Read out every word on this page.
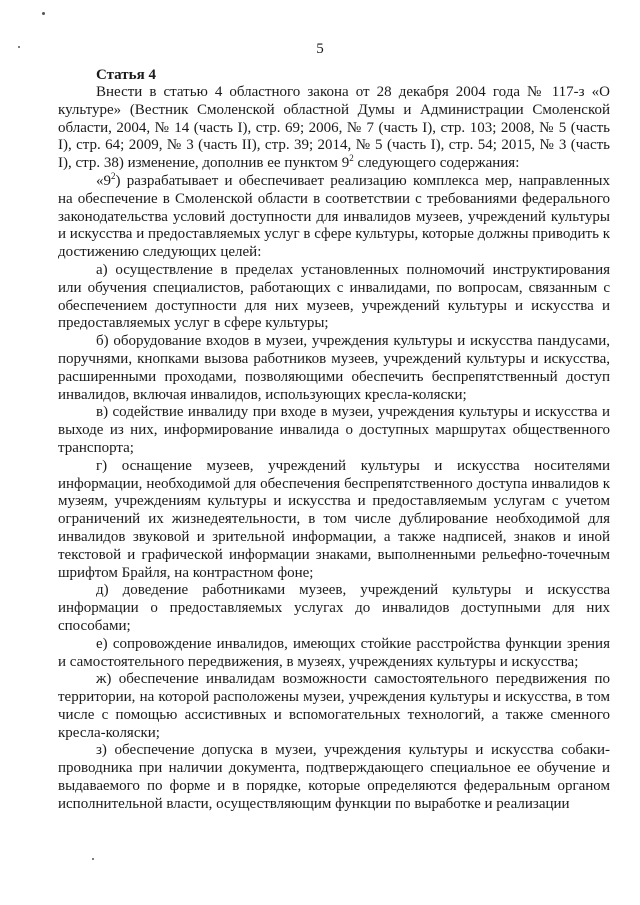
5

Статья 4

Внести в статью 4 областного закона от 28 декабря 2004 года № 117-з «О культуре» (Вестник Смоленской областной Думы и Администрации Смоленской области, 2004, № 14 (часть I), стр. 69; 2006, № 7 (часть I), стр. 103; 2008, № 5 (часть I), стр. 64; 2009, № 3 (часть II), стр. 39; 2014, № 5 (часть I), стр. 54; 2015, № 3 (часть I), стр. 38) изменение, дополнив ее пунктом $9^2$ следующего содержания:

«$9^2$) разрабатывает и обеспечивает реализацию комплекса мер, направленных на обеспечение в Смоленской области в соответствии с требованиями федерального законодательства условий доступности для инвалидов музеев, учреждений культуры и искусства и предоставляемых услуг в сфере культуры, которые должны приводить к достижению следующих целей:

а) осуществление в пределах установленных полномочий инструктирования или обучения специалистов, работающих с инвалидами, по вопросам, связанным с обеспечением доступности для них музеев, учреждений культуры и искусства и предоставляемых услуг в сфере культуры;

б) оборудование входов в музеи, учреждения культуры и искусства пандусами, поручнями, кнопками вызова работников музеев, учреждений культуры и искусства, расширенными проходами, позволяющими обеспечить беспрепятственный доступ инвалидов, включая инвалидов, использующих кресла-коляски;

в) содействие инвалиду при входе в музеи, учреждения культуры и искусства и выходе из них, информирование инвалида о доступных маршрутах общественного транспорта;

г) оснащение музеев, учреждений культуры и искусства носителями информации, необходимой для обеспечения беспрепятственного доступа инвалидов к музеям, учреждениям культуры и искусства и предоставляемым услугам с учетом ограничений их жизнедеятельности, в том числе дублирование необходимой для инвалидов звуковой и зрительной информации, а также надписей, знаков и иной текстовой и графической информации знаками, выполненными рельефно-точечным шрифтом Брайля, на контрастном фоне;

д) доведение работниками музеев, учреждений культуры и искусства информации о предоставляемых услугах до инвалидов доступными для них способами;

е) сопровождение инвалидов, имеющих стойкие расстройства функции зрения и самостоятельного передвижения, в музеях, учреждениях культуры и искусства;

ж) обеспечение инвалидам возможности самостоятельного передвижения по территории, на которой расположены музеи, учреждения культуры и искусства, в том числе с помощью ассистивных и вспомогательных технологий, а также сменного кресла-коляски;

з) обеспечение допуска в музеи, учреждения культуры и искусства собаки-проводника при наличии документа, подтверждающего специальное ее обучение и выдаваемого по форме и в порядке, которые определяются федеральным органом исполнительной власти, осуществляющим функции по выработке и реализации
